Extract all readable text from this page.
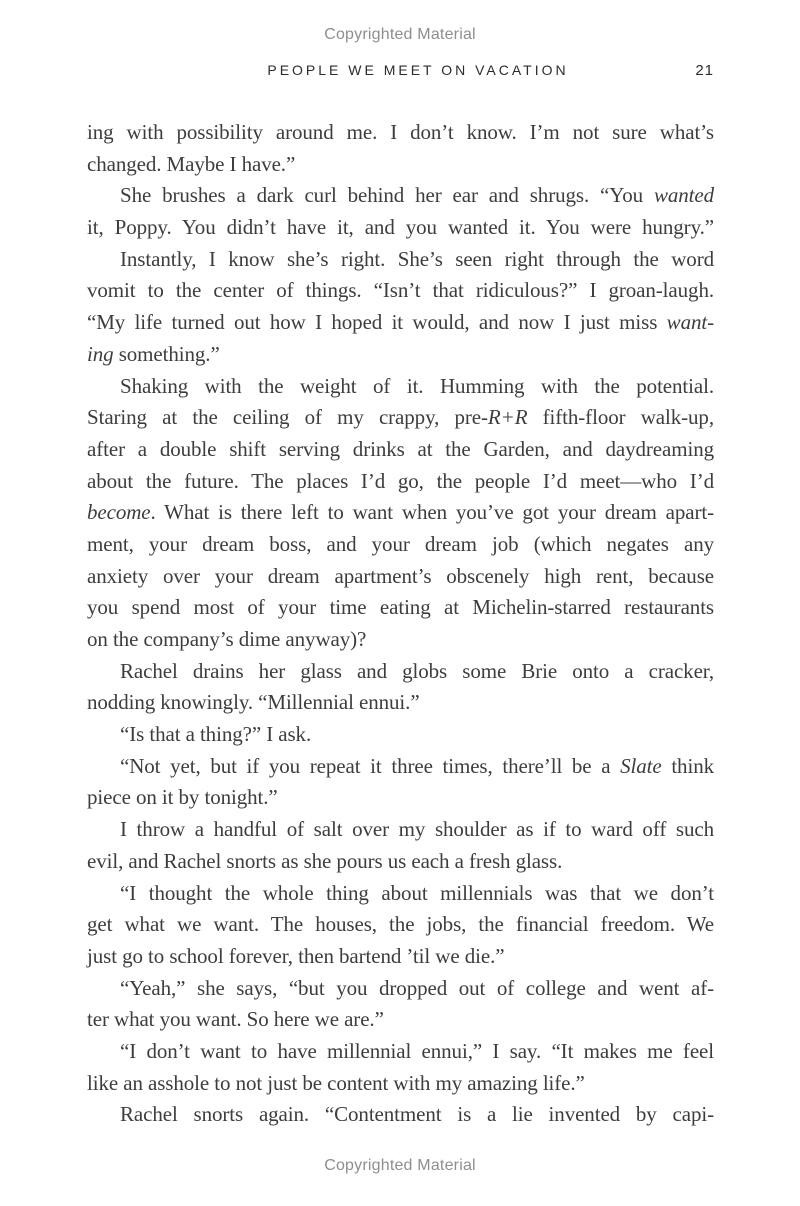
Copyrighted Material
PEOPLE WE MEET ON VACATION	21
ing with possibility around me. I don’t know. I’m not sure what’s
changed. Maybe I have.”
She brushes a dark curl behind her ear and shrugs. “You wanted
it, Poppy. You didn’t have it, and you wanted it. You were hungry.”
Instantly, I know she’s right. She’s seen right through the word
vomit to the center of things. “Isn’t that ridiculous?” I groan-laugh.
“My life turned out how I hoped it would, and now I just miss want-
ing something.”
Shaking with the weight of it. Humming with the potential.
Staring at the ceiling of my crappy, pre-R+R fifth-floor walk-up,
after a double shift serving drinks at the Garden, and daydreaming
about the future. The places I’d go, the people I’d meet—who I’d
become. What is there left to want when you’ve got your dream apart-
ment, your dream boss, and your dream job (which negates any
anxiety over your dream apartment’s obscenely high rent, because
you spend most of your time eating at Michelin-starred restaurants
on the company’s dime anyway)?
Rachel drains her glass and globs some Brie onto a cracker,
nodding knowingly. “Millennial ennui.”
“Is that a thing?” I ask.
“Not yet, but if you repeat it three times, there’ll be a Slate think
piece on it by tonight.”
I throw a handful of salt over my shoulder as if to ward off such
evil, and Rachel snorts as she pours us each a fresh glass.
“I thought the whole thing about millennials was that we don’t
get what we want. The houses, the jobs, the financial freedom. We
just go to school forever, then bartend ’til we die.”
“Yeah,” she says, “but you dropped out of college and went af-
ter what you want. So here we are.”
“I don’t want to have millennial ennui,” I say. “It makes me feel
like an asshole to not just be content with my amazing life.”
Rachel snorts again. “Contentment is a lie invented by capi-
Copyrighted Material
